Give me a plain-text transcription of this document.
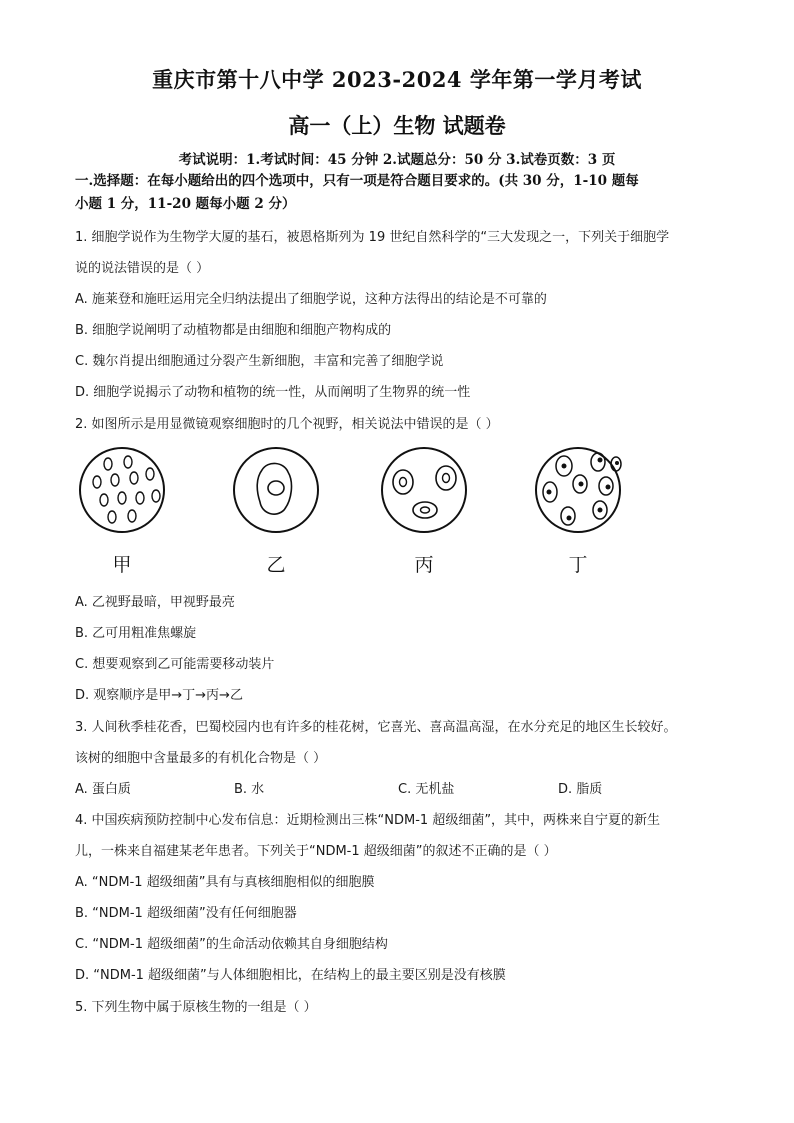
重庆市第十八中学 2023-2024 学年第一学月考试
高一（上）生物 试题卷
考试说明：1.考试时间：45 分钟 2.试题总分：50 分 3.试卷页数：3 页
一.选择题：在每小题给出的四个选项中，只有一项是符合题目要求的。(共 30 分，1-10 题每
小题 1 分，11-20 题每小题 2 分）
1. 细胞学说作为生物学大厦的基石，被恩格斯列为 19 世纪自然科学的“三大发现之一，下列关于细胞学
说的说法错误的是（ ）
A. 施莱登和施旺运用完全归纳法提出了细胞学说，这种方法得出的结论是不可靠的
B. 细胞学说阐明了动植物都是由细胞和细胞产物构成的
C. 魏尔肖提出细胞通过分裂产生新细胞，丰富和完善了细胞学说
D. 细胞学说揭示了动物和植物的统一性，从而阐明了生物界的统一性
2. 如图所示是用显微镜观察细胞时的几个视野，相关说法中错误的是（ ）
甲	乙	丙	丁
A. 乙视野最暗，甲视野最亮
B. 乙可用粗准焦螺旋
C. 想要观察到乙可能需要移动装片
D. 观察顺序是甲→丁→丙→乙
3. 人间秋季桂花香，巴蜀校园内也有许多的桂花树，它喜光、喜高温高湿，在水分充足的地区生长较好。
该树的细胞中含量最多的有机化合物是（ ）
A. 蛋白质	B. 水	C. 无机盐	D. 脂质
4. 中国疾病预防控制中心发布信息：近期检测出三株“NDM-1 超级细菌”，其中，两株来自宁夏的新生
儿，一株来自福建某老年患者。下列关于“NDM-1 超级细菌”的叙述不正确的是（ ）
A. “NDM-1 超级细菌”具有与真核细胞相似的细胞膜
B. “NDM-1 超级细菌”没有任何细胞器
C. “NDM-1 超级细菌”的生命活动依赖其自身细胞结构
D. “NDM-1 超级细菌”与人体细胞相比，在结构上的最主要区别是没有核膜
5. 下列生物中属于原核生物的一组是（ ）
